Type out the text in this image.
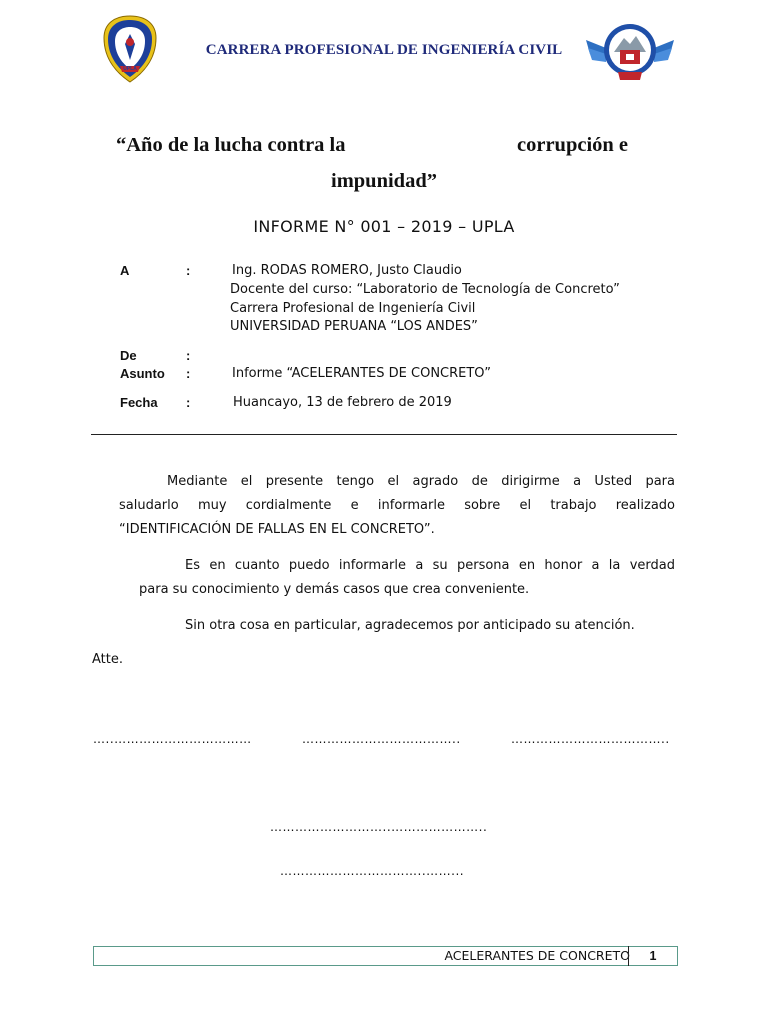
UPLA
CARRERA PROFESIONAL DE INGENIERÍA CIVIL
“Año de la lucha contra la	corrupción e
impunidad”
INFORME N° 001 – 2019 – UPLA
A	:	Ing. RODAS ROMERO, Justo Claudio
Docente del curso: “Laboratorio de Tecnología de Concreto”
Carrera Profesional de Ingeniería Civil
UNIVERSIDAD PERUANA “LOS ANDES”
De	:
Asunto :	Informe “ACELERANTES DE CONCRETO”
Fecha :	Huancayo, 13 de febrero de 2019
Mediante el presente tengo el agrado de dirigirme a Usted para
saludarlo muy cordialmente e informarle sobre el trabajo realizado
“IDENTIFICACIÓN DE FALLAS EN EL CONCRETO”.
Es en cuanto puedo informarle a su persona en honor a la verdad
para su conocimiento y demás casos que crea conveniente.
Sin otra cosa en particular, agradecemos por anticipado su atención.
Atte.
…..……………………………	………………………………..	………………………………..
………………………..…………………..
……………………………..……...
ACELERANTES DE CONCRETO	1
